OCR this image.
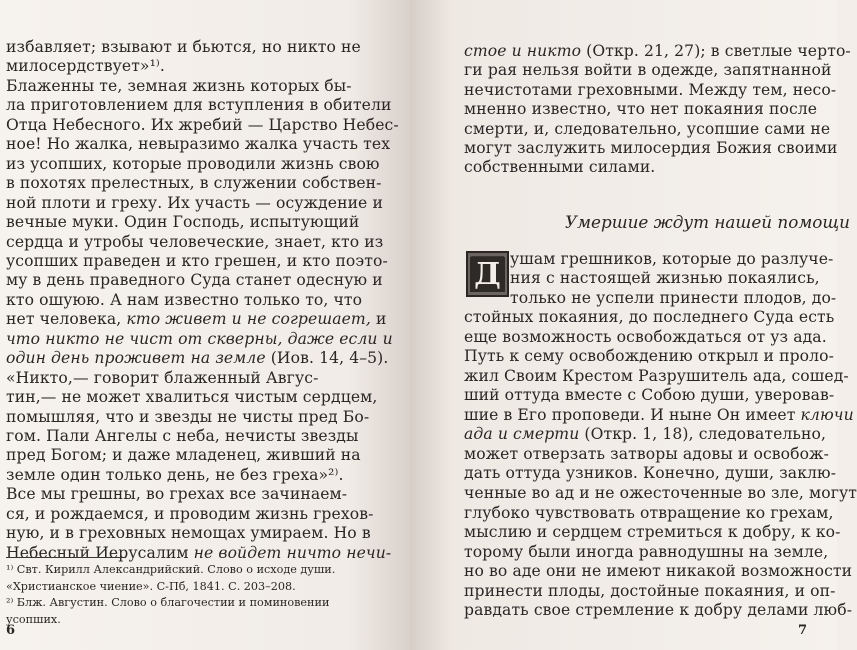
избавляет; взывают и бьются, но никто не
милосердствует»¹⁾.
Блаженны те, земная жизнь которых бы-
ла приготовлением для вступления в обители
Отца Небесного. Их жребий — Царство Небес-
ное! Но жалка, невыразимо жалка участь тех
из усопших, которые проводили жизнь свою
в похотях прелестных, в служении собствен-
ной плоти и греху. Их участь — осуждение и
вечные муки. Один Господь, испытующий
сердца и утробы человеческие, знает, кто из
усопших праведен и кто грешен, и кто поэто-
му в день праведного Суда станет одесную и
кто ошуюю. А нам известно только то, что
нет человека, кто живет и не согрешает, и
что никто не чист от скверны, даже если и
один день проживет на земле (Иов. 14, 4–5).
«Никто,— говорит блаженный Авгус-
тин,— не может хвалиться чистым сердцем,
помышляя, что и звезды не чисты пред Бо-
гом. Пали Ангелы с неба, нечисты звезды
пред Богом; и даже младенец, живший на
земле один только день, не без греха»²⁾.
Все мы грешны, во грехах все зачинаем-
ся, и рождаемся, и проводим жизнь грехов-
ную, и в греховных немощах умираем. Но в
Небесный Иерусалим не войдет ничто нечи-
¹⁾ Свт. Кирилл Александрийский. Слово о исходе души.
«Христианское чиение». С-Пб, 1841. С. 203–208.
²⁾ Блж. Августин. Слово о благочестии и поминовении
усопших.
6
стое и никто (Откр. 21, 27); в светлые черто-
ги рая нельзя войти в одежде, запятнанной
нечистотами греховными. Между тем, несо-
мненно известно, что нет покаяния после
смерти, и, следовательно, усопшие сами не
могут заслужить милосердия Божия своими
собственными силами.
Умершие ждут нашей помощи
Д ушам грешников, которые до разлуче-
ния с настоящей жизнью покаялись,
только не успели принести плодов, до-
стойных покаяния, до последнего Суда есть
еще возможность освобождаться от уз ада.
Путь к сему освобождению открыл и проло-
жил Своим Крестом Разрушитель ада, сошед-
ший оттуда вместе с Собою души, уверовав-
шие в Его проповеди. И ныне Он имеет ключи
ада и смерти (Откр. 1, 18), следовательно,
может отверзать затворы адовы и освобож-
дать оттуда узников. Конечно, души, заклю-
ченные во ад и не ожесточенные во зле, могут
глубоко чувствовать отвращение ко грехам,
мыслию и сердцем стремиться к добру, к ко-
торому были иногда равнодушны на земле,
но во аде они не имеют никакой возможности
принести плоды, достойные покаяния, и оп-
равдать свое стремление к добру делами люб-
7
